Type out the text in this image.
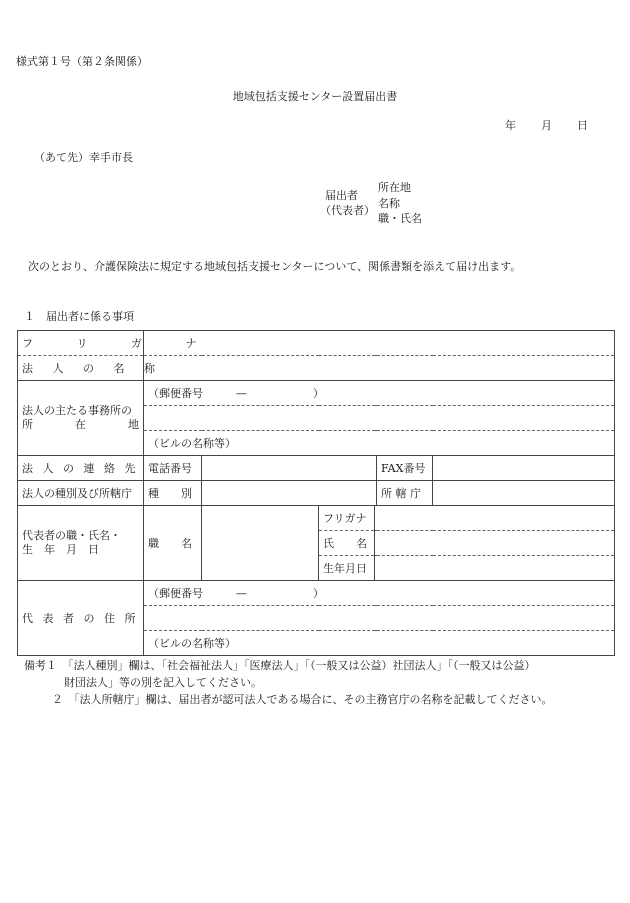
様式第１号（第２条関係）
地域包括支援センター設置届出書
年 月 日
（あて先）幸手市長
届出者
（代表者）
所在地
名称
職・氏名
次のとおり、介護保険法に規定する地域包括支援センターについて、関係書類を添えて届け出ます。
１　届出者に係る事項
フ リ ガ ナ						
法 人 の 名 称						

法人の主たる事務所の
所 在 地	（郵便番号　　　—　　　　　　）					

	（ビルの名称等）					
法 人 の 連 絡 先	電話番号				FAX番号	
法人の種別及び所轄庁	種　　別				所 轄 庁	

代表者の職・氏名・
生　年　月　日	職　　名		フリガナ			
			氏　　名			
			生年月日			
代 表 者 の 住 所	（郵便番号　　　—　　　　　　）					

	（ビルの名称等）					
備考１　「法人種別」欄は、「社会福祉法人」「医療法人」「（一般又は公益）社団法人」「（一般又は公益）
財団法人」等の別を記入してください。
２　「法人所轄庁」欄は、届出者が認可法人である場合に、その主務官庁の名称を記載してください。
